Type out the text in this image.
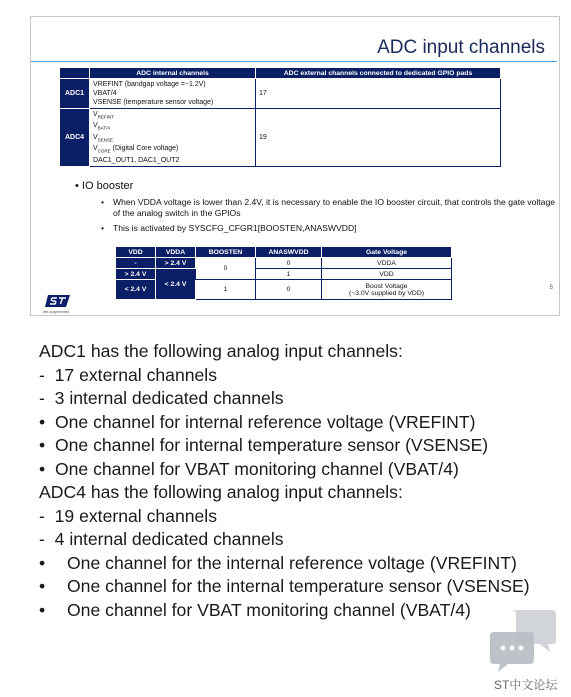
ADC input channels
	ADC internal channels	ADC external channels connected to dedicated GPIO pads
ADC1	VREFINT (bandgap voltage =~1.2V)
VBAT/4
VSENSE (temperature sensor voltage)	17
ADC4	$V_{REFINT}$
$V_{BAT/4}$
$V_{SENSE}$
$V_{CORE}$ (Digital Core voltage)
DAC1_OUT1, DAC1_OUT2	19
• IO booster
• When VDDA voltage is lower than 2.4V, it is necessary to enable the IO booster circuit, that controls the gate voltage of the analog switch in the GPIOs
• This is activated by SYSCFG_CFGR1[BOOSTEN,ANASWVDD]
VDD	VDDA	BOOSTEN	ANASWVDD	Gate Voltage
-	> 2.4 V	0	0	VDDA
> 2.4 V	< 2.4 V		1	VDD
< 2.4 V		1	0	Boost Voltage
(~3.0V supplied by VDD)
5
life.augmented
ADC1 has the following analog input channels:
- 17 external channels
- 3 internal dedicated channels
• One channel for internal reference voltage (VREFINT)
• One channel for internal temperature sensor (VSENSE)
• One channel for VBAT monitoring channel (VBAT/4)
ADC4 has the following analog input channels:
- 19 external channels
- 4 internal dedicated channels
• One channel for the internal reference voltage (VREFINT)
• One channel for the internal temperature sensor (VSENSE)
• One channel for VBAT monitoring channel (VBAT/4)
ST中文论坛
